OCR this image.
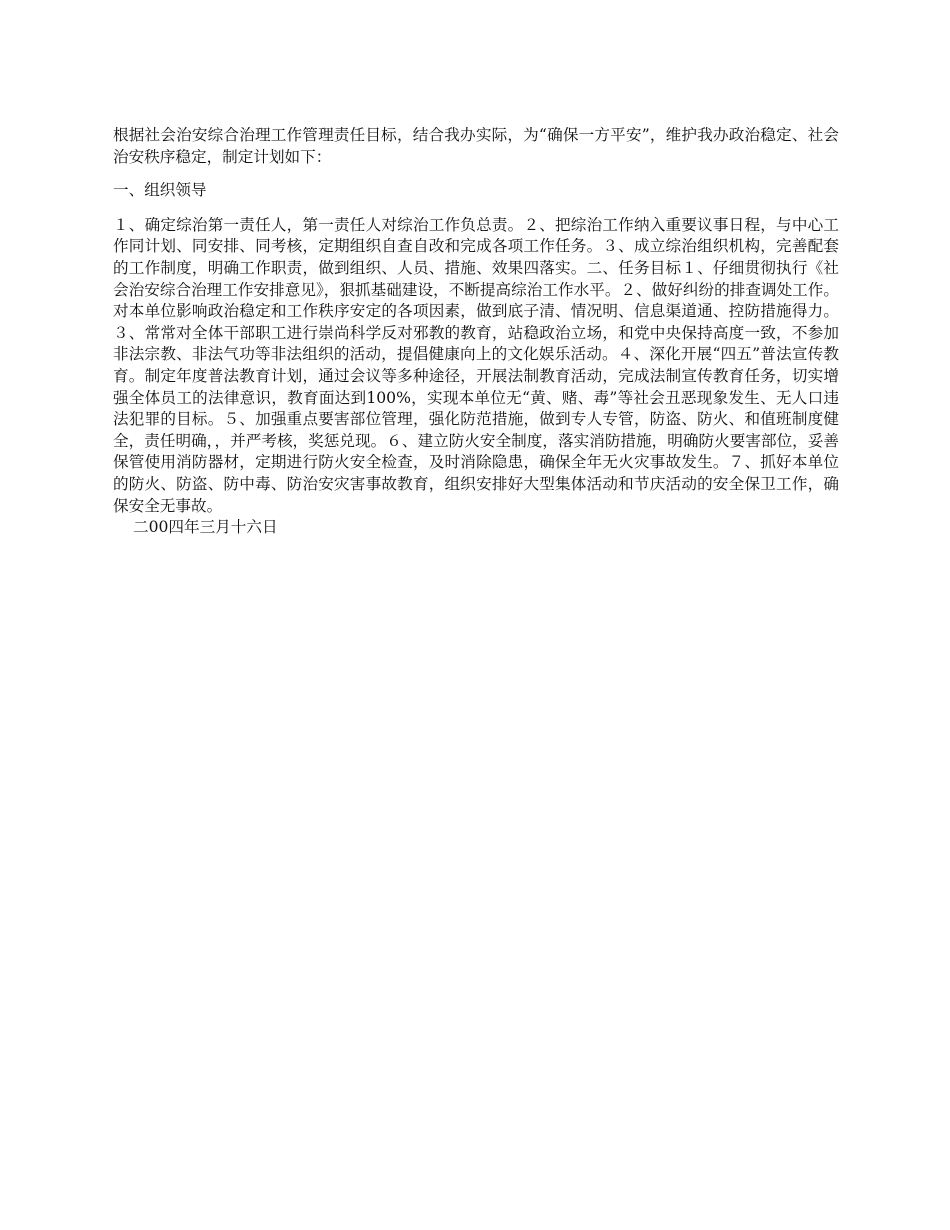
根据社会治安综合治理工作管理责任目标，结合我办实际，为“确保一方平安”，维护我办政治稳定、社会治安秩序稳定，制定计划如下：

一、组织领导

１、确定综治第一责任人，第一责任人对综治工作负总责。２、把综治工作纳入重要议事日程，与中心工作同计划、同安排、同考核，定期组织自查自改和完成各项工作任务。３、成立综治组织机构，完善配套的工作制度，明确工作职责，做到组织、人员、措施、效果四落实。二、任务目标１、仔细贯彻执行《社会治安综合治理工作安排意见》，狠抓基础建设，不断提高综治工作水平。２、做好纠纷的排查调处工作。对本单位影响政治稳定和工作秩序安定的各项因素，做到底子清、情况明、信息渠道通、控防措施得力。３、常常对全体干部职工进行崇尚科学反对邪教的教育，站稳政治立场，和党中央保持高度一致，不参加非法宗教、非法气功等非法组织的活动，提倡健康向上的文化娱乐活动。４、深化开展“四五”普法宣传教育。制定年度普法教育计划，通过会议等多种途径，开展法制教育活动，完成法制宣传教育任务，切实增强全体员工的法律意识，教育面达到100%，实现本单位无“黄、赌、毒”等社会丑恶现象发生、无人口违法犯罪的目标。５、加强重点要害部位管理，强化防范措施，做到专人专管，防盗、防火、和值班制度健全，责任明确，，并严考核，奖惩兑现。６、建立防火安全制度，落实消防措施，明确防火要害部位，妥善保管使用消防器材，定期进行防火安全检查，及时消除隐患，确保全年无火灾事故发生。７、抓好本单位的防火、防盗、防中毒、防治安灾害事故教育，组织安排好大型集体活动和节庆活动的安全保卫工作，确保安全无事故。

二00四年三月十六日
